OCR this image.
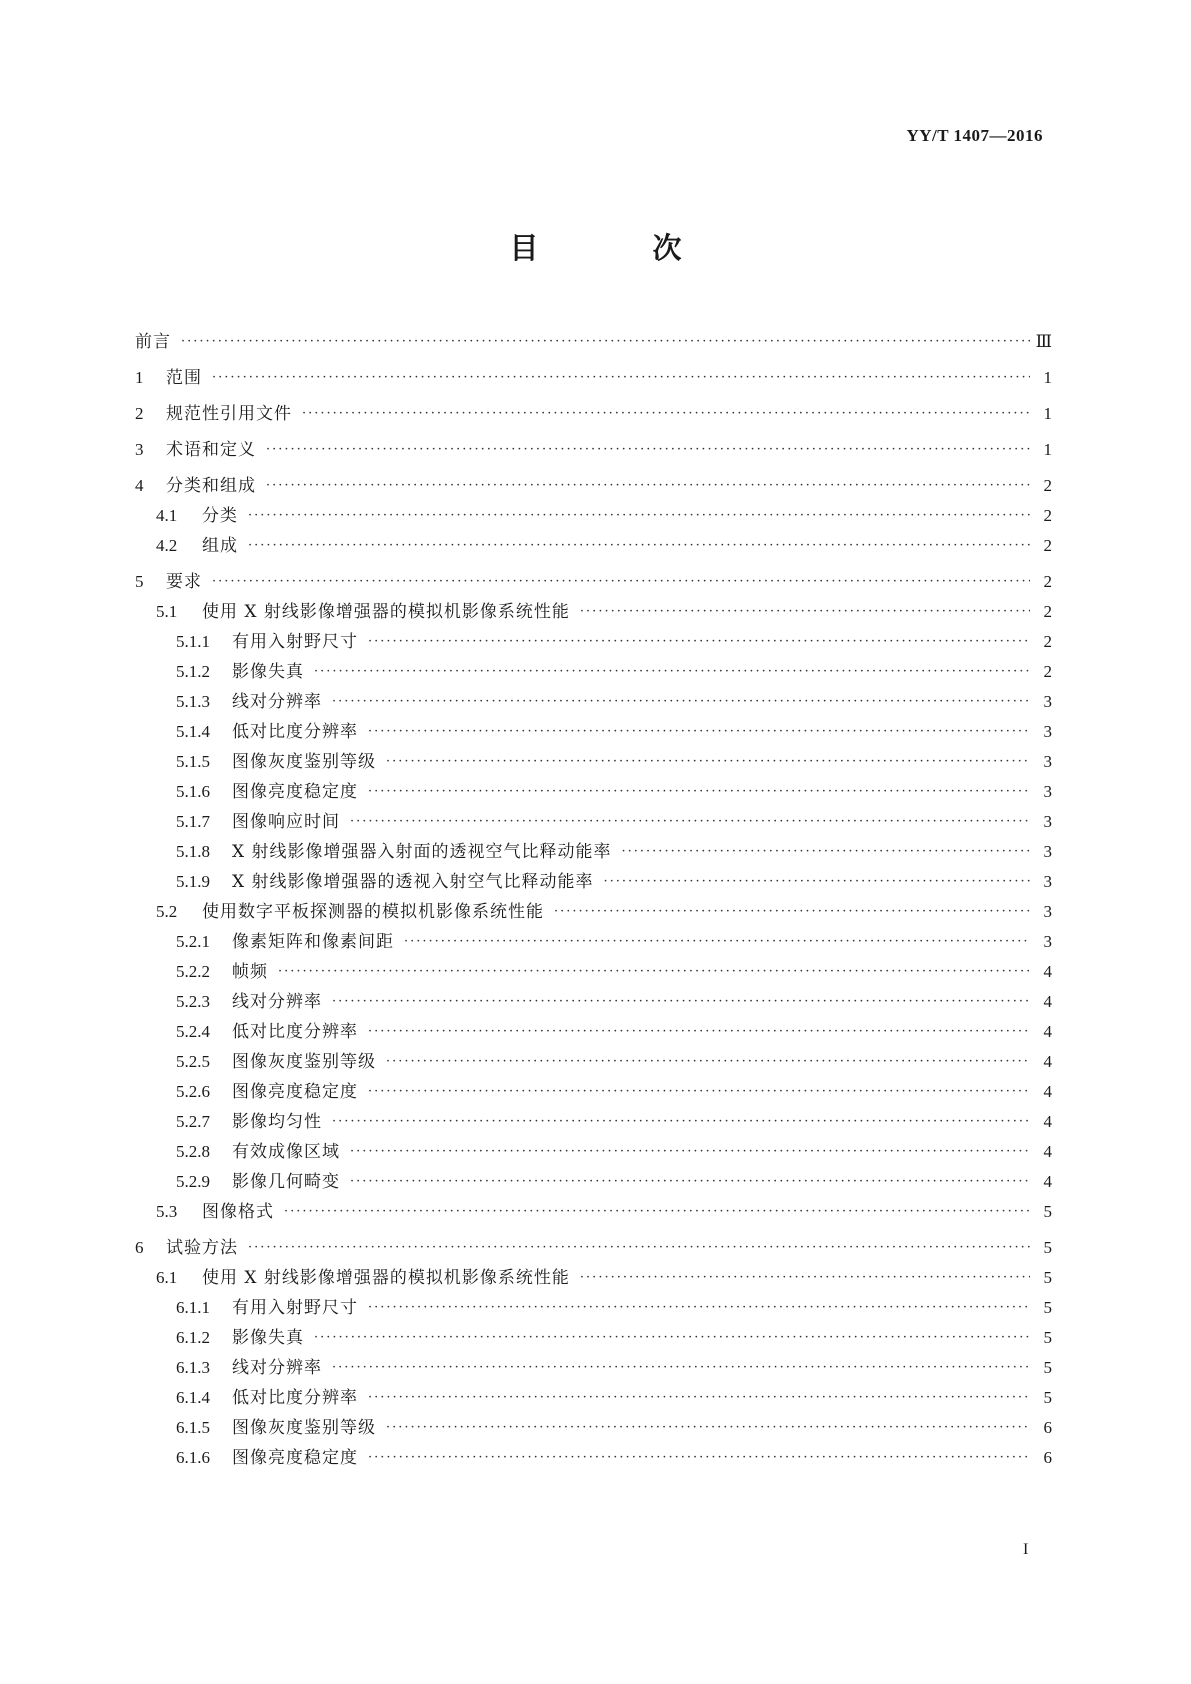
YY/T 1407—2016
目 次
前言 ·····	Ⅲ
1	范围 ·····	1
2	规范性引用文件 ·····	1
3	术语和定义 ·····	1
4	分类和组成 ·····	2
4.1	分类 ·····	2
4.2	组成 ·····	2
5	要求 ·····	2
5.1	使用 X 射线影像增强器的模拟机影像系统性能 ·····	2
5.1.1	有用入射野尺寸 ·····	2
5.1.2	影像失真 ·····	2
5.1.3	线对分辨率 ·····	3
5.1.4	低对比度分辨率 ·····	3
5.1.5	图像灰度鉴别等级 ·····	3
5.1.6	图像亮度稳定度 ·····	3
5.1.7	图像响应时间 ·····	3
5.1.8	X 射线影像增强器入射面的透视空气比释动能率 ·····	3
5.1.9	X 射线影像增强器的透视入射空气比释动能率 ·····	3
5.2	使用数字平板探测器的模拟机影像系统性能 ·····	3
5.2.1	像素矩阵和像素间距 ·····	3
5.2.2	帧频 ·····	4
5.2.3	线对分辨率 ·····	4
5.2.4	低对比度分辨率 ·····	4
5.2.5	图像灰度鉴别等级 ·····	4
5.2.6	图像亮度稳定度 ·····	4
5.2.7	影像均匀性 ·····	4
5.2.8	有效成像区域 ·····	4
5.2.9	影像几何畸变 ·····	4
5.3	图像格式 ·····	5
6	试验方法 ·····	5
6.1	使用 X 射线影像增强器的模拟机影像系统性能 ·····	5
6.1.1	有用入射野尺寸 ·····	5
6.1.2	影像失真 ·····	5
6.1.3	线对分辨率 ·····	5
6.1.4	低对比度分辨率 ·····	5
6.1.5	图像灰度鉴别等级 ·····	6
6.1.6	图像亮度稳定度 ·····	6
I
